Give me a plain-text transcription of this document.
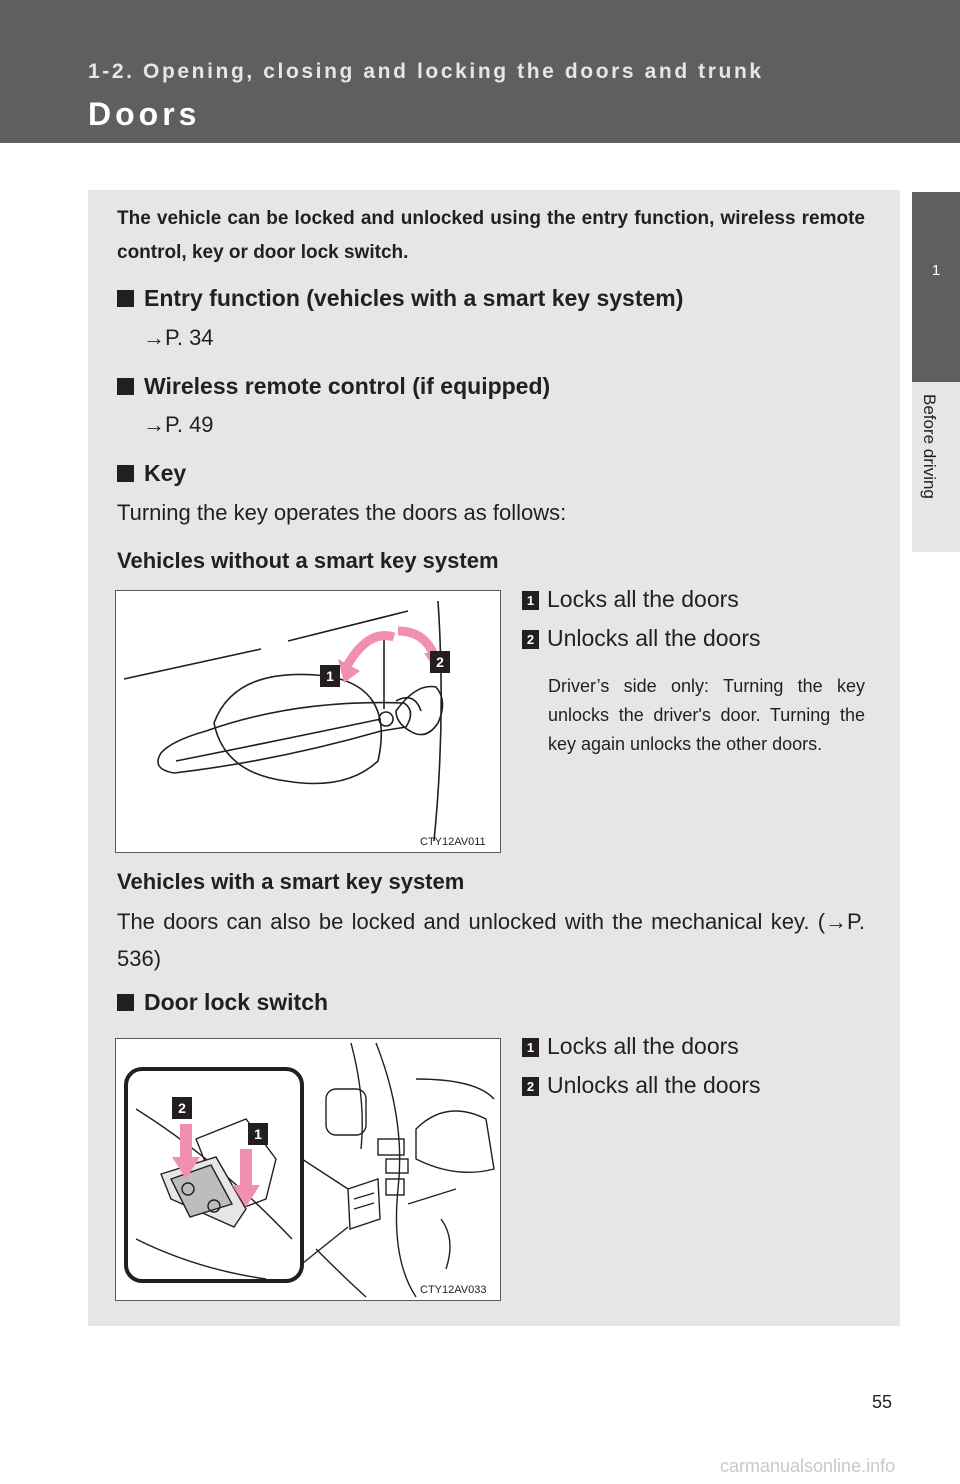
1-2. Opening, closing and locking the doors and trunk
Doors
1
Before driving
The vehicle can be locked and unlocked using the entry function, wireless remote control, key or door lock switch.
Entry function (vehicles with a smart key system)
→P. 34
Wireless remote control (if equipped)
→P. 49
Key
Turning the key operates the doors as follows:
Vehicles without a smart key system
1
2
CTY12AV011
1 Locks all the doors
2 Unlocks all the doors
Driver’s side only: Turning the key unlocks the driver's door. Turning the key again unlocks the other doors.
Vehicles with a smart key system
The doors can also be locked and unlocked with the mechanical key. (→P. 536)
Door lock switch
2
1
CTY12AV033
1 Locks all the doors
2 Unlocks all the doors
55
carmanualsonline.info
